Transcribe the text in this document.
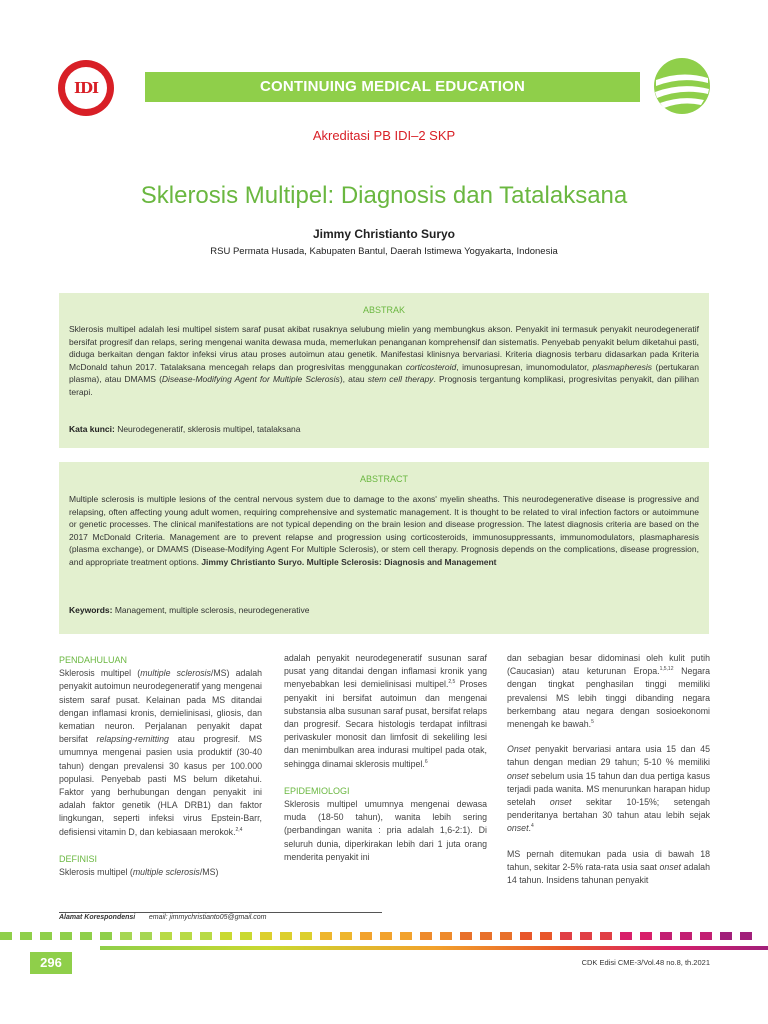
IDI	CONTINUING MEDICAL EDUCATION
Akreditasi PB IDI–2 SKP
Sklerosis Multipel: Diagnosis dan Tatalaksana
Jimmy Christianto Suryo
RSU Permata Husada, Kabupaten Bantul, Daerah Istimewa Yogyakarta, Indonesia
ABSTRAK
Sklerosis multipel adalah lesi multipel sistem saraf pusat akibat rusaknya selubung mielin yang membungkus akson. Penyakit ini termasuk penyakit neurodegeneratif bersifat progresif dan relaps, sering mengenai wanita dewasa muda, memerlukan penanganan komprehensif dan sistematis. Penyebab penyakit belum diketahui pasti, diduga berkaitan dengan faktor infeksi virus atau proses autoimun atau genetik. Manifestasi klinisnya bervariasi. Kriteria diagnosis terbaru didasarkan pada Kriteria McDonald tahun 2017. Tatalaksana mencegah relaps dan progresivitas menggunakan corticosteroid, imunosupresan, imunomodulator, plasmapheresis (pertukaran plasma), atau DMAMS (Disease-Modifying Agent for Multiple Sclerosis), atau stem cell therapy. Prognosis tergantung komplikasi, progresivitas penyakit, dan pilihan terapi.
Kata kunci: Neurodegeneratif, sklerosis multipel, tatalaksana
ABSTRACT
Multiple sclerosis is multiple lesions of the central nervous system due to damage to the axons' myelin sheaths. This neurodegenerative disease is progressive and relapsing, often affecting young adult women, requiring comprehensive and systematic management. It is thought to be related to viral infection factors or autoimmune or genetic processes. The clinical manifestations are not typical depending on the brain lesion and disease progression. The latest diagnosis criteria are based on the 2017 McDonald Criteria. Management are to prevent relapse and progression using corticosteroids, immunosuppressants, immunomodulators, plasmapharesis (plasma exchange), or DMAMS (Disease-Modifying Agent For Multiple Sclerosis), or stem cell therapy. Prognosis depends on the complications, disease progression, and appropriate treatment options. Jimmy Christianto Suryo. Multiple Sclerosis: Diagnosis and Management
Keywords: Management, multiple sclerosis, neurodegenerative
PENDAHULUAN

Sklerosis multipel (multiple sclerosis/MS) adalah penyakit autoimun neurodegeneratif yang mengenai sistem saraf pusat. Kelainan pada MS ditandai dengan inflamasi kronis, demielinisasi, gliosis, dan kematian neuron. Perjalanan penyakit dapat bersifat relapsing-remitting atau progresif. MS umumnya mengenai pasien usia produktif (30-40 tahun) dengan prevalensi 30 kasus per 100.000 populasi. Penyebab pasti MS belum diketahui. Faktor yang berhubungan dengan penyakit ini adalah faktor genetik (HLA DRB1) dan faktor lingkungan, seperti infeksi virus Epstein-Barr, defisiensi vitamin D, dan kebiasaan merokok.$^{2,4}$

DEFINISI

Sklerosis multipel (multiple sclerosis/MS)

adalah penyakit neurodegeneratif susunan saraf pusat yang ditandai dengan inflamasi kronik yang menyebabkan lesi demielinisasi multipel.$^{2,5}$ Proses penyakit ini bersifat autoimun dan mengenai substansia alba susunan saraf pusat, bersifat relaps dan progresif. Secara histologis terdapat infiltrasi perivaskuler monosit dan limfosit di sekeliling lesi dan menimbulkan area indurasi multipel pada otak, sehingga dinamai sklerosis multipel.$^6$

EPIDEMIOLOGI

Sklerosis multipel umumnya mengenai dewasa muda (18-50 tahun), wanita lebih sering (perbandingan wanita : pria adalah 1,6-2:1). Di seluruh dunia, diperkirakan lebih dari 1 juta orang menderita penyakit ini

dan sebagian besar didominasi oleh kulit putih (Caucasian) atau keturunan Eropa.$^{1,5,12}$ Negara dengan tingkat penghasilan tinggi memiliki prevalensi MS lebih tinggi dibanding negara berkembang atau negara dengan sosioekonomi menengah ke bawah.$^5$

Onset penyakit bervariasi antara usia 15 dan 45 tahun dengan median 29 tahun; 5-10 % memiliki onset sebelum usia 15 tahun dan dua pertiga kasus terjadi pada wanita. MS menurunkan harapan hidup setelah onset sekitar 10-15%; setengah penderitanya bertahan 30 tahun atau lebih sejak onset.$^4$

MS pernah ditemukan pada usia di bawah 18 tahun, sekitar 2-5% rata-rata usia saat onset adalah 14 tahun. Insidens tahunan penyakit

Alamat Korespondensi email: jimmychristianto05@gmail.com
296	CDK Edisi CME-3/Vol.48 no.8, th.2021
